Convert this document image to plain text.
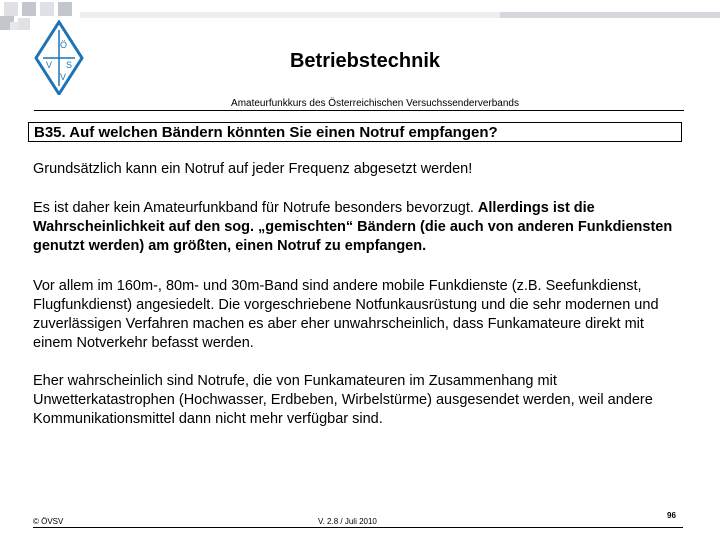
Ö
V S
V
Betriebstechnik
Amateurfunkkurs des Österreichischen Versuchssenderverbands
B35. Auf welchen Bändern könnten Sie einen Notruf empfangen?
Grundsätzlich kann ein Notruf auf jeder Frequenz abgesetzt werden!
Es ist daher kein Amateurfunkband für Notrufe besonders bevorzugt. Allerdings ist die Wahrscheinlichkeit auf den sog. „gemischten“ Bändern (die auch von anderen Funkdiensten genutzt werden) am größten, einen Notruf zu empfangen.
Vor allem im 160m-, 80m- und 30m-Band sind andere mobile Funkdienste (z.B. Seefunkdienst, Flugfunkdienst) angesiedelt. Die vorgeschriebene Notfunkausrüstung und die sehr modernen und zuverlässigen Verfahren machen es aber eher unwahrscheinlich, dass Funkamateure direkt mit einem Notverkehr befasst werden.
Eher wahrscheinlich sind Notrufe, die von Funkamateuren im Zusammenhang mit Unwetterkatastrophen (Hochwasser, Erdbeben, Wirbelstürme) ausgesendet werden, weil andere Kommunikationsmittel dann nicht mehr verfügbar sind.
© ÖVSV	V. 2.8 / Juli 2010
96
